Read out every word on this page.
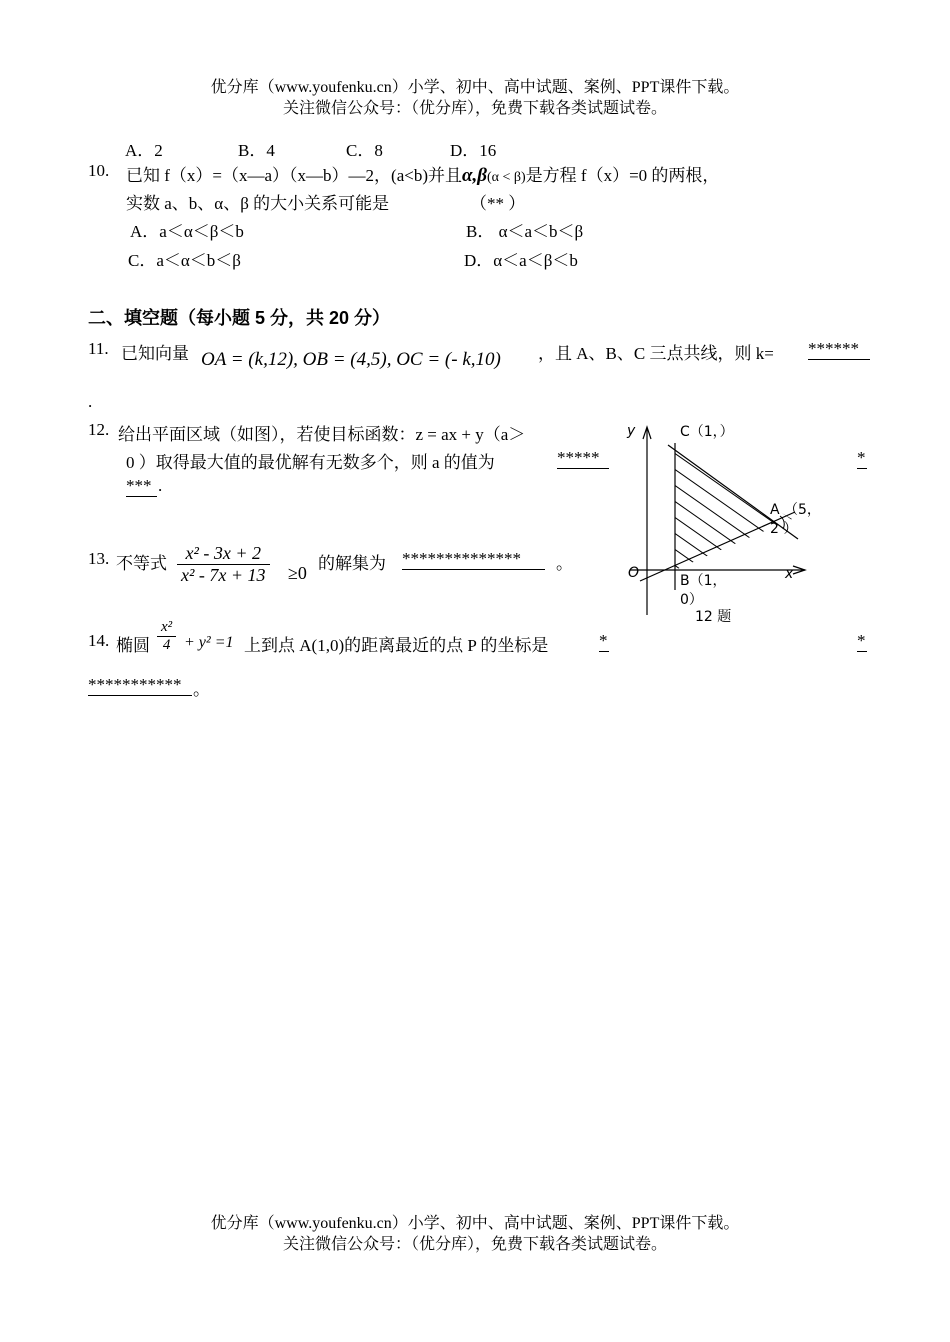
优分库（www.youfenku.cn）小学、初中、高中试题、案例、PPT课件下载。
关注微信公众号：（优分库），免费下载各类试题试卷。
A．2	B．4	C．8	D．16
10. 已知 f（x）=（x—a）（x—b）—2，(a<b)并且α,β(α < β)是方程 f（x）=0 的两根，
实数 a、b、α、β 的大小关系可能是	（** ）
A．a＜α＜β＜b	B． α＜a＜b＜β
C．a＜α＜b＜β	D．α＜a＜β＜b
二、填空题（每小题 5 分，共 20 分）
11. 已知向量 OA = (k,12), OB = (4,5), OC = (- k,10) ，且 A、B、C 三点共线，则 k= ******
.
12. 给出平面区域（如图），若使目标函数：z = ax + y（a＞
0 ）取得最大值的最优解有无数多个，则 a 的值为	*****	*
*** .
13. 不等式 $\frac{\text{x² - 3x + 2}}{\text{x² - 7x + 13}} \ge 0$ 的解集为 **************	。
14. 椭圆 $\frac{\text{x²}}{4} + y^2 =1$ 上到点 A(1,0)的距离最近的点 P 的坐标是	*	*
*********** 。
y
x
O
C（1，）
A （5，
2 ）
B（1，
0）
12 题
优分库（www.youfenku.cn）小学、初中、高中试题、案例、PPT课件下载。
关注微信公众号：（优分库），免费下载各类试题试卷。
